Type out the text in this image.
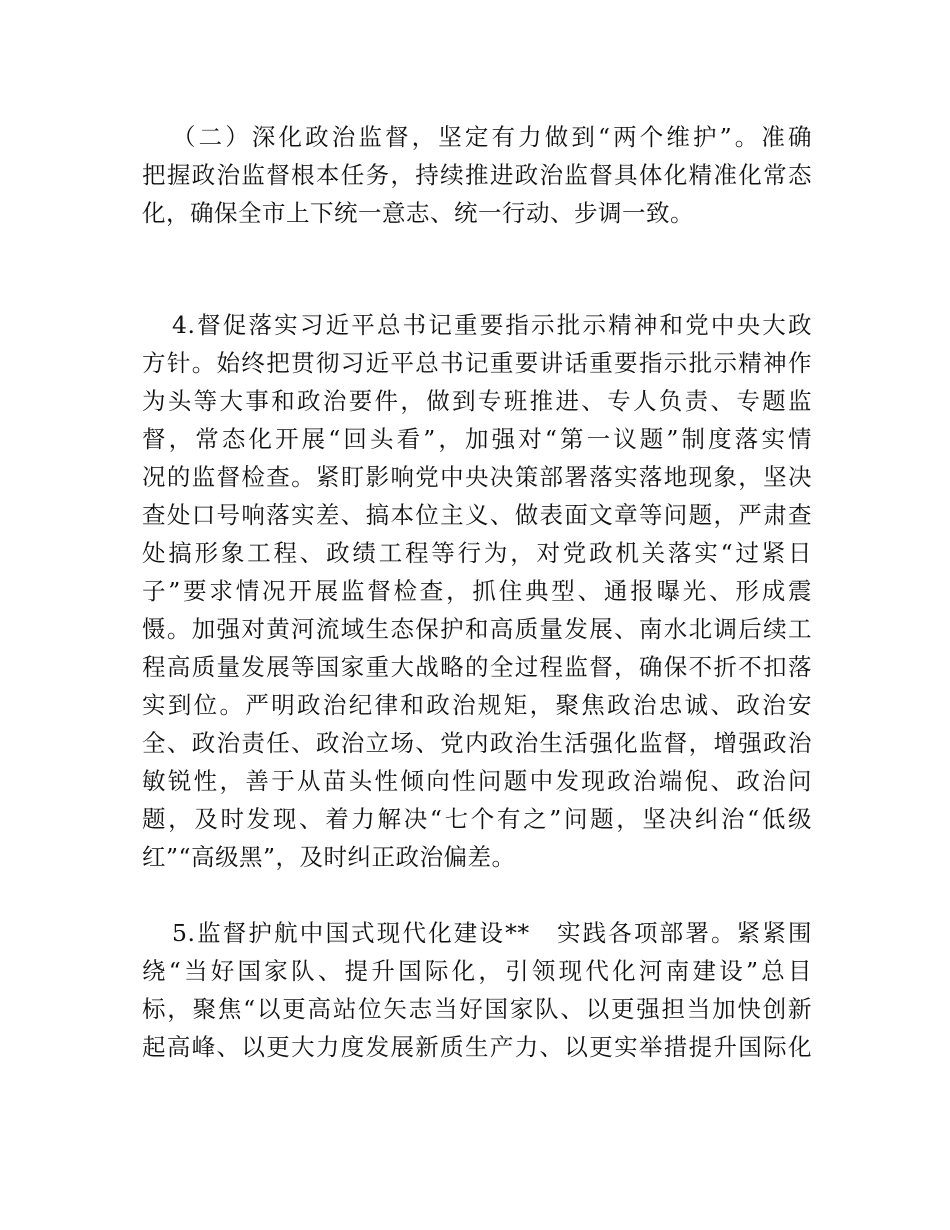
（二）深化政治监督，坚定有力做到“两个维护”。准确
把握政治监督根本任务，持续推进政治监督具体化精准化常态
化，确保全市上下统一意志、统一行动、步调一致。
4.督促落实习近平总书记重要指示批示精神和党中央大政
方针。始终把贯彻习近平总书记重要讲话重要指示批示精神作
为头等大事和政治要件，做到专班推进、专人负责、专题监
督，常态化开展“回头看”，加强对“第一议题”制度落实情
况的监督检查。紧盯影响党中央决策部署落实落地现象，坚决
查处口号响落实差、搞本位主义、做表面文章等问题，严肃查
处搞形象工程、政绩工程等行为，对党政机关落实“过紧日
子”要求情况开展监督检查，抓住典型、通报曝光、形成震
慑。加强对黄河流域生态保护和高质量发展、南水北调后续工
程高质量发展等国家重大战略的全过程监督，确保不折不扣落
实到位。严明政治纪律和政治规矩，聚焦政治忠诚、政治安
全、政治责任、政治立场、党内政治生活强化监督，增强政治
敏锐性，善于从苗头性倾向性问题中发现政治端倪、政治问
题，及时发现、着力解决“七个有之”问题，坚决纠治“低级
红”“高级黑”，及时纠正政治偏差。
5.监督护航中国式现代化建设**　实践各项部署。紧紧围
绕“当好国家队、提升国际化，引领现代化河南建设”总目
标，聚焦“以更高站位矢志当好国家队、以更强担当加快创新
起高峰、以更大力度发展新质生产力、以更实举措提升国际化
